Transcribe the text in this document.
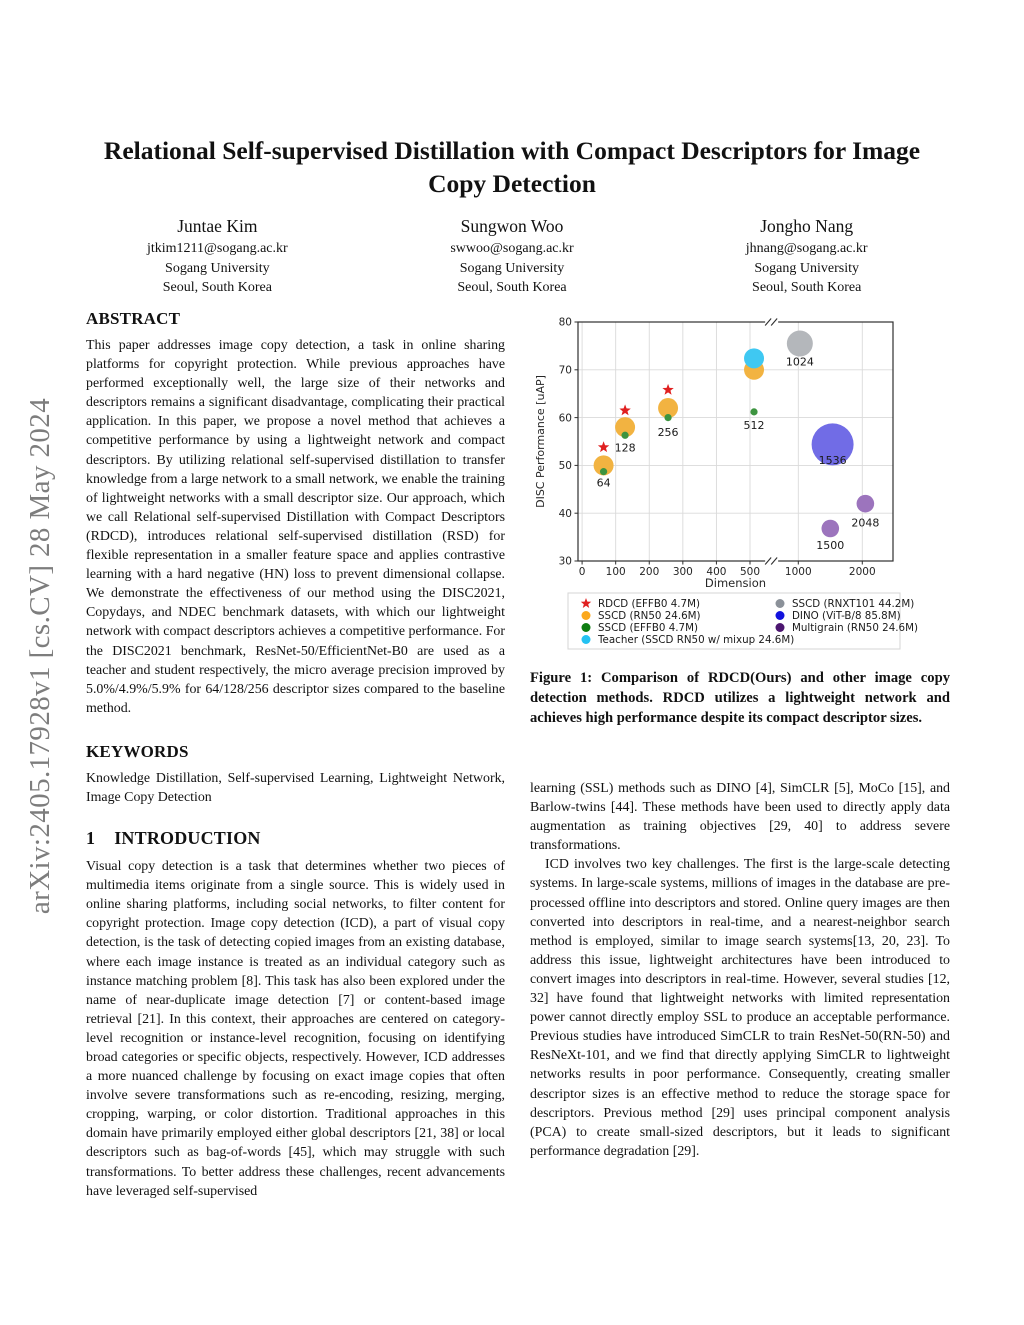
arXiv:2405.17928v1 [cs.CV] 28 May 2024
Relational Self-supervised Distillation with Compact Descriptors for Image Copy Detection
Juntae Kim
jtkim1211@sogang.ac.kr
Sogang University
Seoul, South Korea
Sungwon Woo
swwoo@sogang.ac.kr
Sogang University
Seoul, South Korea
Jongho Nang
jhnang@sogang.ac.kr
Sogang University
Seoul, South Korea
ABSTRACT

This paper addresses image copy detection, a task in online sharing platforms for copyright protection. While previous approaches have performed exceptionally well, the large size of their networks and descriptors remains a significant disadvantage, complicating their practical application. In this paper, we propose a novel method that achieves a competitive performance by using a lightweight network and compact descriptors. By utilizing relational self-supervised distillation to transfer knowledge from a large network to a small network, we enable the training of lightweight networks with a small descriptor size. Our approach, which we call Relational self-supervised Distillation with Compact Descriptors (RDCD), introduces relational self-supervised distillation (RSD) for flexible representation in a smaller feature space and applies contrastive learning with a hard negative (HN) loss to prevent dimensional collapse. We demonstrate the effectiveness of our method using the DISC2021, Copydays, and NDEC benchmark datasets, with which our lightweight network with compact descriptors achieves a competitive performance. For the DISC2021 benchmark, ResNet-50/EfficientNet-B0 are used as a teacher and student respectively, the micro average precision improved by 5.0%/4.9%/5.9% for 64/128/256 descriptor sizes compared to the baseline method.

KEYWORDS

Knowledge Distillation, Self-supervised Learning, Lightweight Network, Image Copy Detection

1 INTRODUCTION

Visual copy detection is a task that determines whether two pieces of multimedia items originate from a single source. This is widely used in online sharing platforms, including social networks, to filter content for copyright protection. Image copy detection (ICD), a part of visual copy detection, is the task of detecting copied images from an existing database, where each image instance is treated as an individual category such as instance matching problem [8]. This task has also been explored under the name of near-duplicate image detection [7] or content-based image retrieval [21]. In this context, their approaches are centered on category-level recognition or instance-level recognition, focusing on identifying broad categories or specific objects, respectively. However, ICD addresses a more nuanced challenge by focusing on exact image copies that often involve severe transformations such as re-encoding, resizing, merging, cropping, warping, or color distortion. Traditional approaches in this domain have primarily employed either global descriptors [21, 38] or local descriptors such as bag-of-words [45], which may struggle with such transformations. To better address these challenges, recent advancements have leveraged self-supervised

0 100 200 300 400 500 1000	2000
30
40
50
60
70
80
Dimension
DISC Performance [uAP]	64
128
256
512
1024
1536
1500
2048
RDCD (EFFB0 4.7M)
SSCD (RN50 24.6M)
SSCD (EFFB0 4.7M)
Teacher (SSCD RN50 w/ mixup 24.6M)
SSCD (RNXT101 44.2M)
DINO (ViT-B/8 85.8M)
Multigrain (RN50 24.6M)

Figure 1: Comparison of RDCD(Ours) and other image copy detection methods. RDCD utilizes a lightweight network and achieves high performance despite its compact descriptor sizes.

learning (SSL) methods such as DINO [4], SimCLR [5], MoCo [15], and Barlow-twins [44]. These methods have been used to directly apply data augmentation as training objectives [29, 40] to address severe transformations.

ICD involves two key challenges. The first is the large-scale detecting systems. In large-scale systems, millions of images in the database are pre-processed offline into descriptors and stored. Online query images are then converted into descriptors in real-time, and a nearest-neighbor search method is employed, similar to image search systems[13, 20, 23]. To address this issue, lightweight architectures have been introduced to convert images into descriptors in real-time. However, several studies [12, 32] have found that lightweight networks with limited representation power cannot directly employ SSL to produce an acceptable performance. Previous studies have introduced SimCLR to train ResNet-50(RN-50) and ResNeXt-101, and we find that directly applying SimCLR to lightweight networks results in poor performance. Consequently, creating smaller descriptor sizes is an effective method to reduce the storage space for descriptors. Previous method [29] uses principal component analysis (PCA) to create small-sized descriptors, but it leads to significant performance degradation [29].
